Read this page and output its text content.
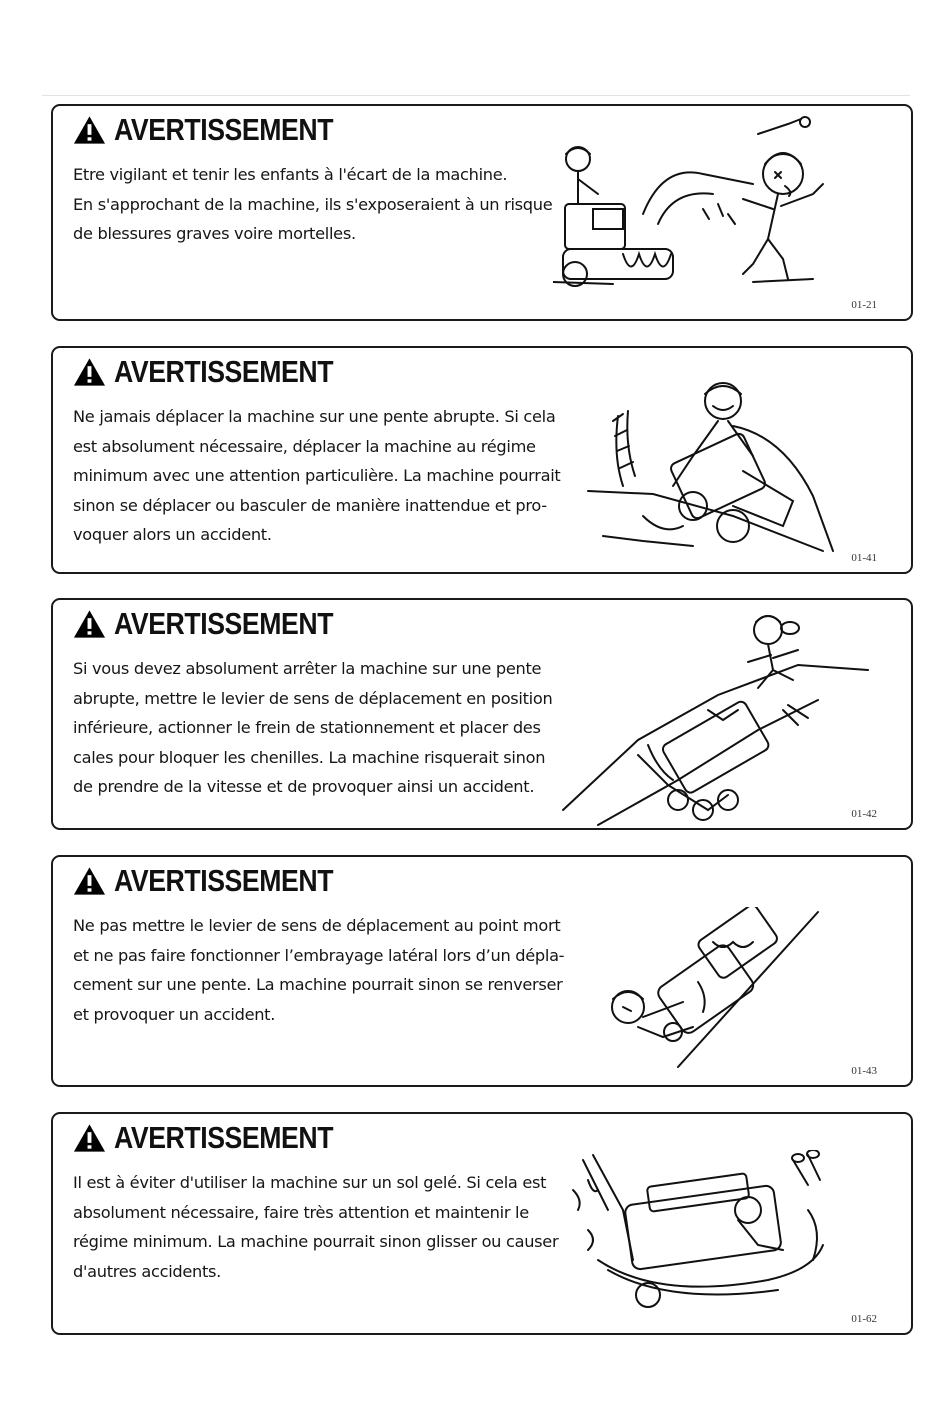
AVERTISSEMENT
Etre vigilant et tenir les enfants à l'écart de la machine.
En s'approchant de la machine, ils s'exposeraient à un risque
de blessures graves voire mortelles.
01-21
AVERTISSEMENT
Ne jamais déplacer la machine sur une pente abrupte. Si cela
est absolument nécessaire, déplacer la machine au régime
minimum avec une attention particulière. La machine pourrait
sinon se déplacer ou basculer de manière inattendue et pro-
voquer alors un accident.
01-41
AVERTISSEMENT
Si vous devez absolument arrêter la machine sur une pente
abrupte, mettre le levier de sens de déplacement en position
inférieure, actionner le frein de stationnement et placer des
cales pour bloquer les chenilles. La machine risquerait sinon
de prendre de la vitesse et de provoquer ainsi un accident.
01-42
AVERTISSEMENT
Ne pas mettre le levier de sens de déplacement au point mort
et ne pas faire fonctionner l’embrayage latéral lors d’un dépla-
cement sur une pente. La machine pourrait sinon se renverser
et provoquer un accident.
01-43
AVERTISSEMENT
Il est à éviter d'utiliser la machine sur un sol gelé. Si cela est
absolument nécessaire, faire très attention et maintenir le
régime minimum. La machine pourrait sinon glisser ou causer
d'autres accidents.
01-62
